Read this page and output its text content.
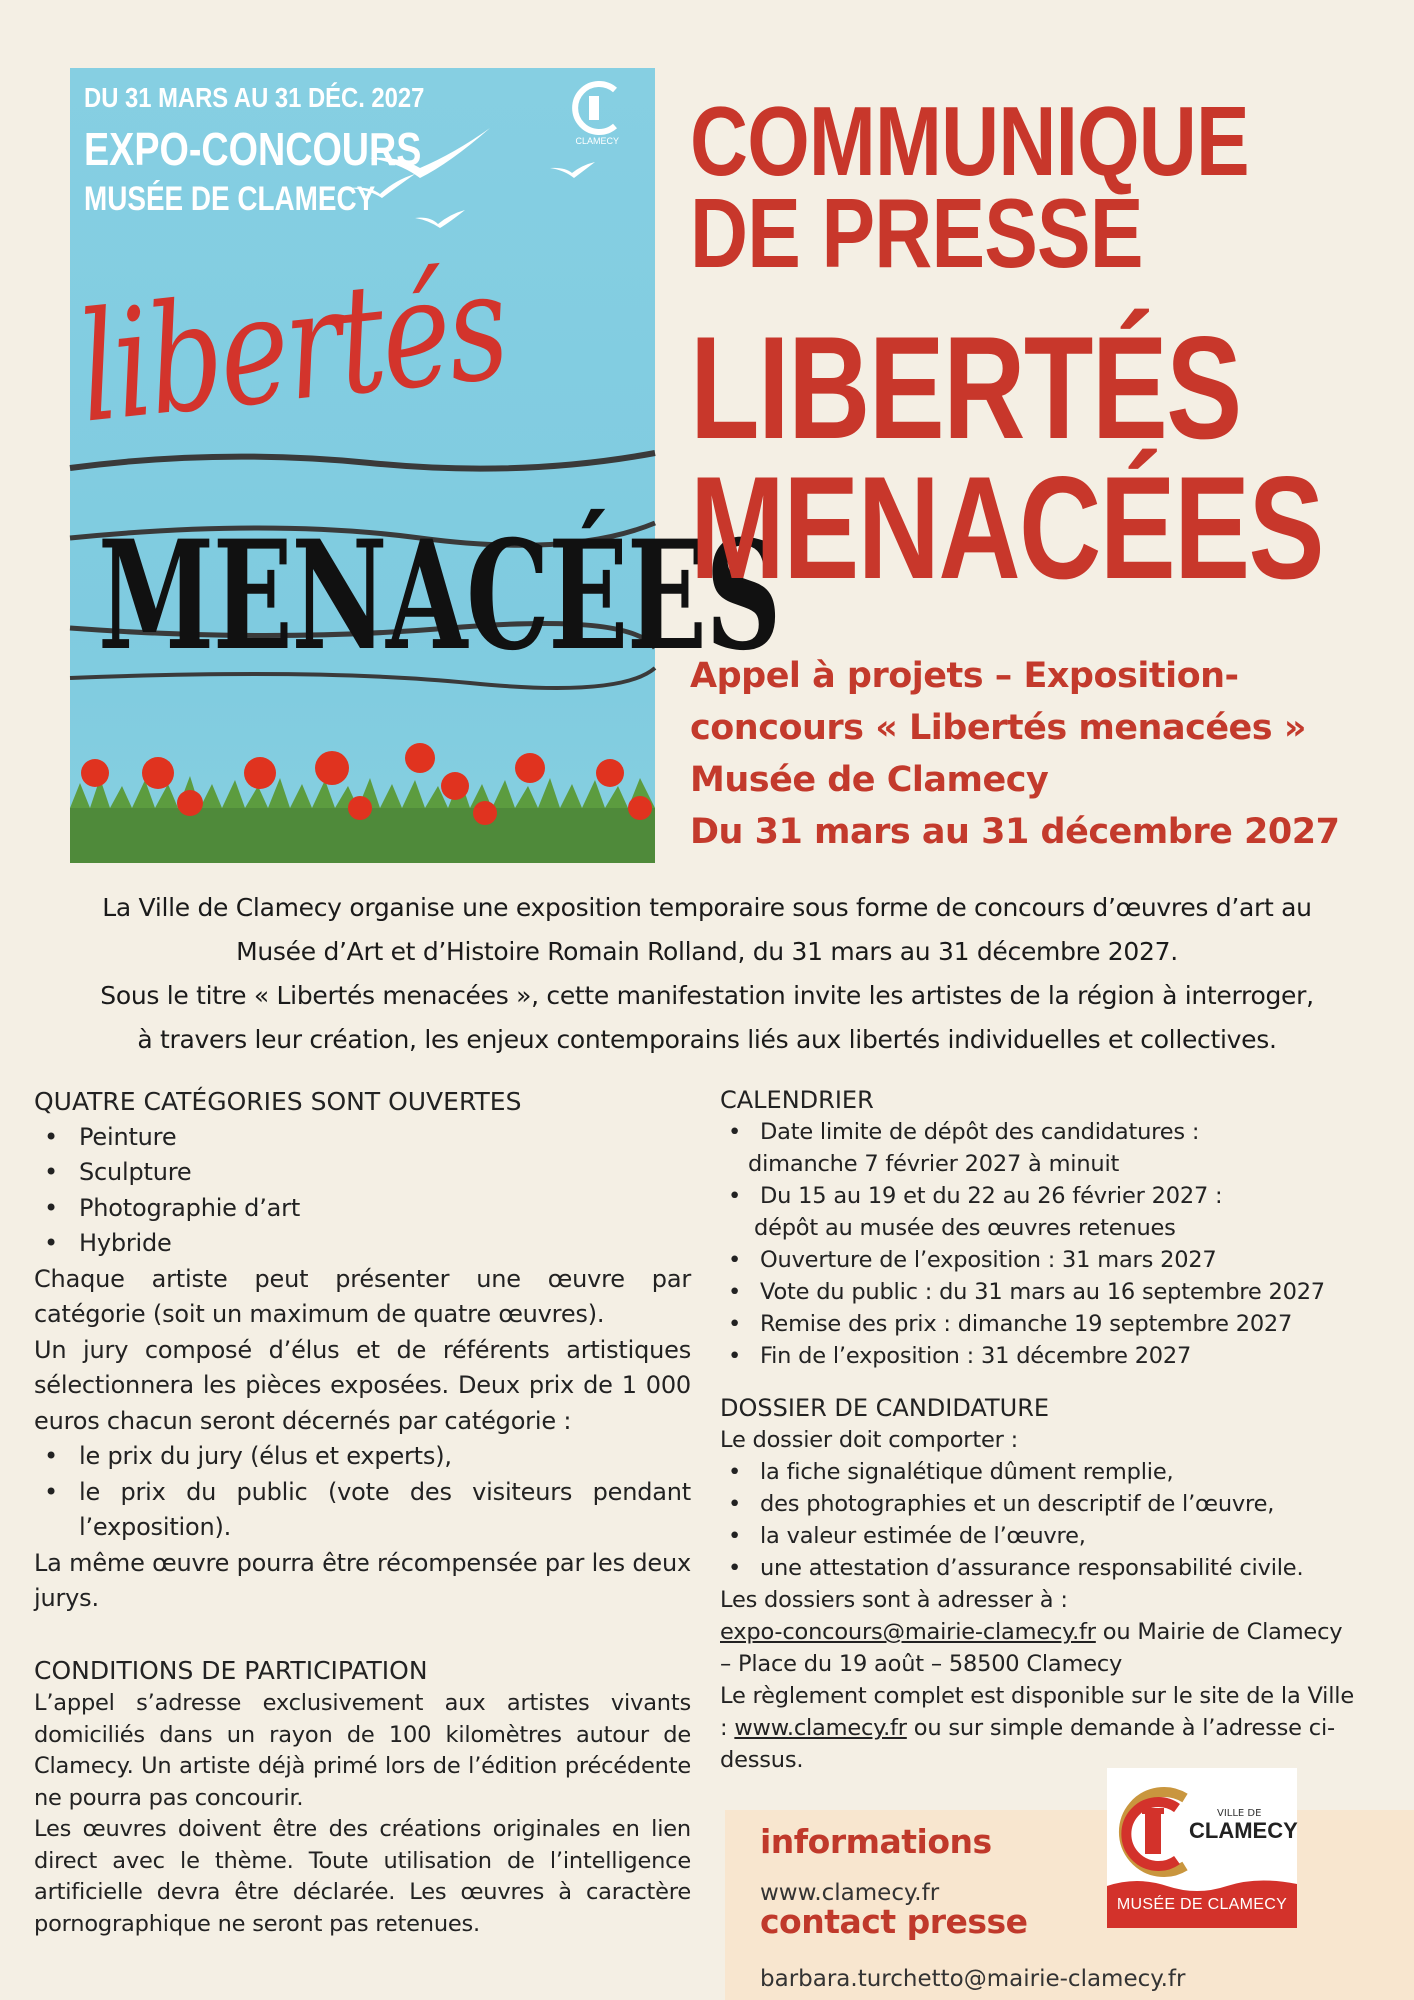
DU 31 MARS AU 31 DÉC. 2027
EXPO-CONCOURS
MUSÉE DE CLAMECY
CLAMECY
libertés
MENACÉES
COMMUNIQUE
DE PRESSE
LIBERTÉS
MENACÉES
Appel à projets – Exposition-
concours « Libertés menacées »
Musée de Clamecy
Du 31 mars au 31 décembre 2027
La Ville de Clamecy organise une exposition temporaire sous forme de concours d’œuvres d’art au
Musée d’Art et d’Histoire Romain Rolland, du 31 mars au 31 décembre 2027.
Sous le titre « Libertés menacées », cette manifestation invite les artistes de la région à interroger,
à travers leur création, les enjeux contemporains liés aux libertés individuelles et collectives.
QUATRE CATÉGORIES SONT OUVERTES
• Peinture
• Sculpture
• Photographie d’art
• Hybride
Chaque artiste peut présenter une œuvre par catégorie (soit un maximum de quatre œuvres).
Un jury composé d’élus et de référents artistiques sélectionnera les pièces exposées. Deux prix de 1 000 euros chacun seront décernés par catégorie :
• le prix du jury (élus et experts),
• le prix du public (vote des visiteurs pendant l’exposition).
La même œuvre pourra être récompensée par les deux jurys.
CONDITIONS DE PARTICIPATION
L’appel s’adresse exclusivement aux artistes vivants domiciliés dans un rayon de 100 kilomètres autour de Clamecy. Un artiste déjà primé lors de l’édition précédente ne pourra pas concourir.
Les œuvres doivent être des créations originales en lien direct avec le thème. Toute utilisation de l’intelligence artificielle devra être déclarée. Les œuvres à caractère pornographique ne seront pas retenues.
CALENDRIER
• Date limite de dépôt des candidatures :
dimanche 7 février 2027 à minuit
• Du 15 au 19 et du 22 au 26 février 2027 :
dépôt au musée des œuvres retenues
• Ouverture de l’exposition : 31 mars 2027
• Vote du public : du 31 mars au 16 septembre 2027
• Remise des prix : dimanche 19 septembre 2027
• Fin de l’exposition : 31 décembre 2027
DOSSIER DE CANDIDATURE
Le dossier doit comporter :
• la fiche signalétique dûment remplie,
• des photographies et un descriptif de l’œuvre,
• la valeur estimée de l’œuvre,
• une attestation d’assurance responsabilité civile.
Les dossiers sont à adresser à :
expo-concours@mairie-clamecy.fr ou Mairie de Clamecy
– Place du 19 août – 58500 Clamecy
Le règlement complet est disponible sur le site de la Ville
: www.clamecy.fr ou sur simple demande à l’adresse ci-
dessus.
informations
www.clamecy.fr
contact presse
barbara.turchetto@mairie-clamecy.fr
VILLE DE
CLAMECY
MUSÉE DE CLAMECY
